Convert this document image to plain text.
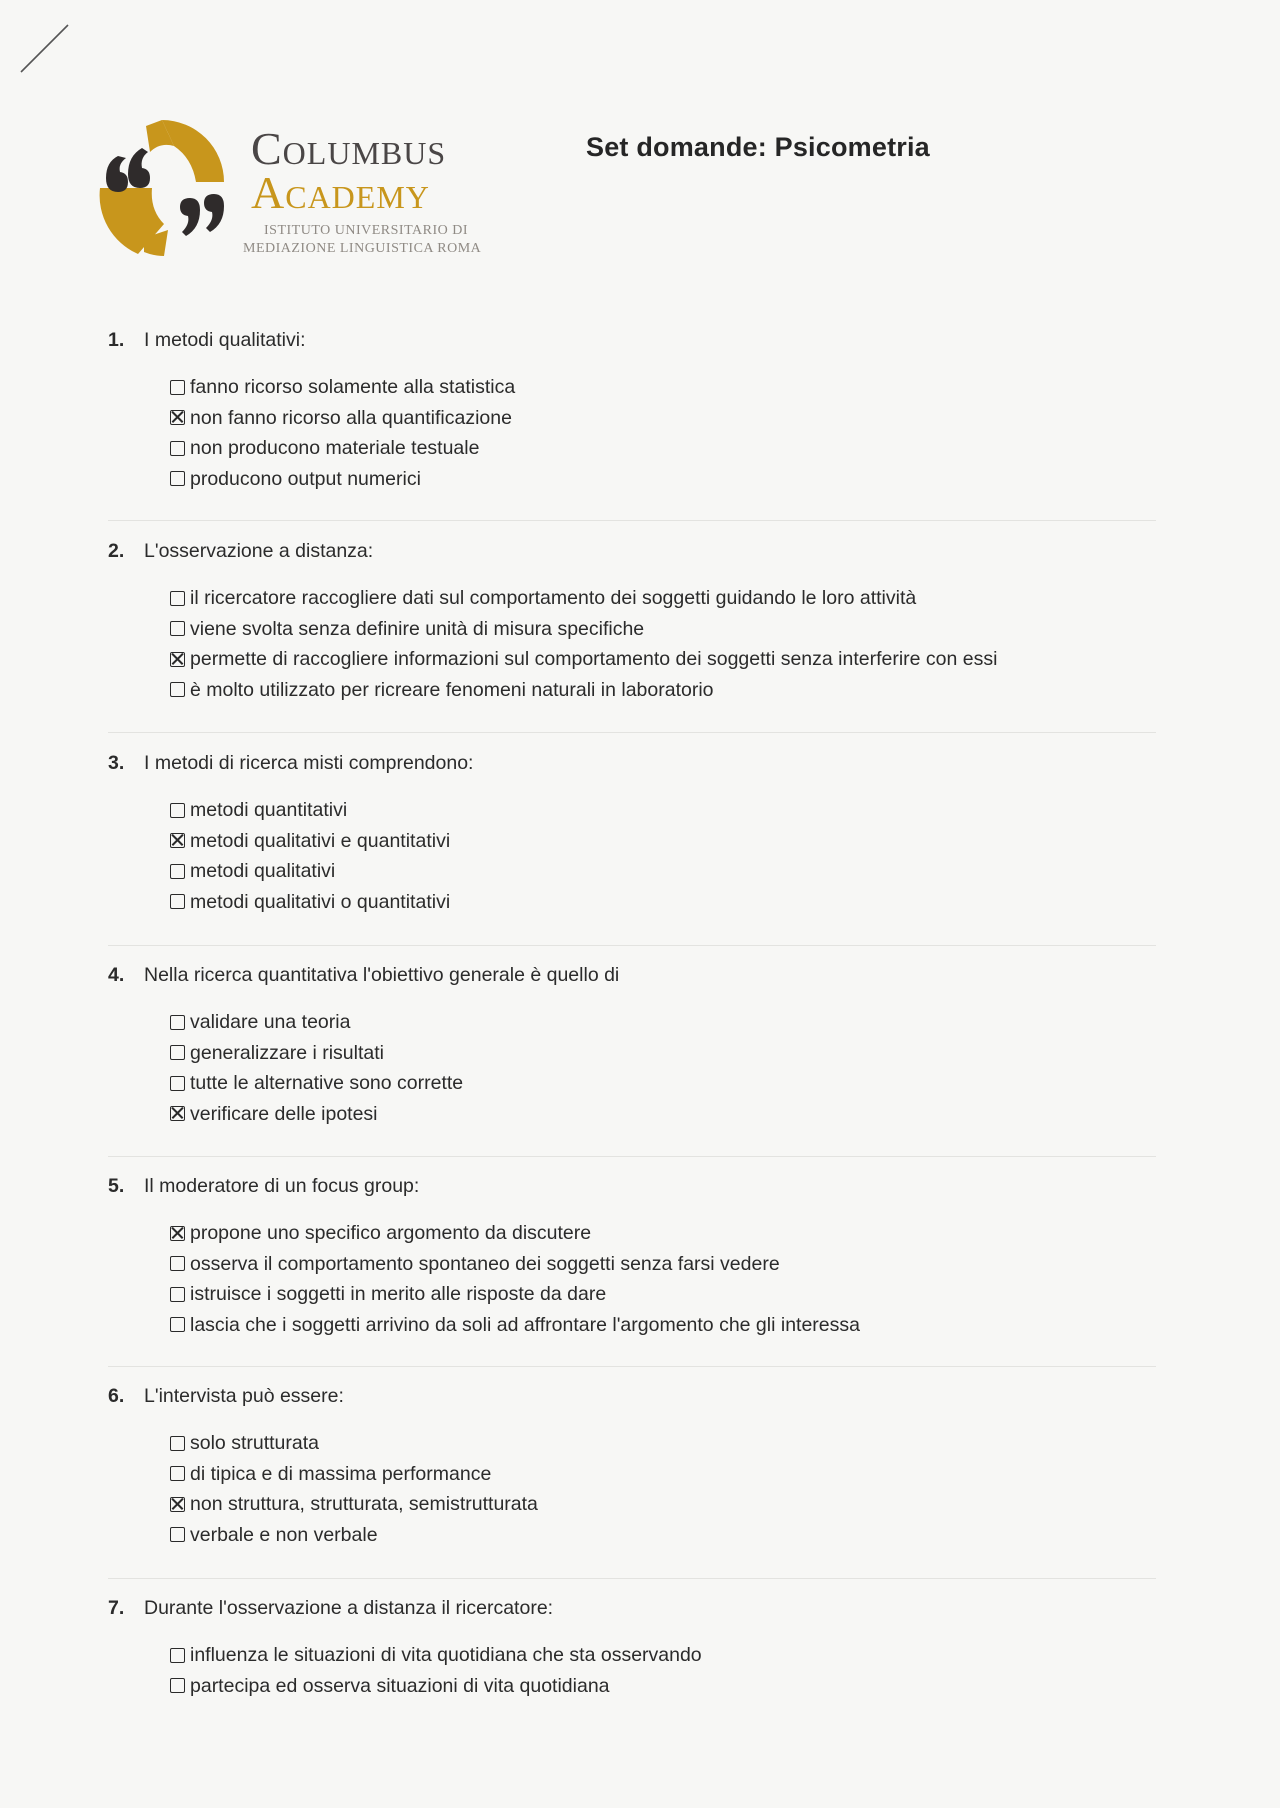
Columbus
Academy
ISTITUTO UNIVERSITARIO DI
MEDIAZIONE LINGUISTICA ROMA
Set domande: Psicometria
1. I metodi qualitativi:
fanno ricorso solamente alla statistica
non fanno ricorso alla quantificazione
non producono materiale testuale
producono output numerici
2. L'osservazione a distanza:
il ricercatore raccogliere dati sul comportamento dei soggetti guidando le loro attività
viene svolta senza definire unità di misura specifiche
permette di raccogliere informazioni sul comportamento dei soggetti senza interferire con essi
è molto utilizzato per ricreare fenomeni naturali in laboratorio
3. I metodi di ricerca misti comprendono:
metodi quantitativi
metodi qualitativi e quantitativi
metodi qualitativi
metodi qualitativi o quantitativi
4. Nella ricerca quantitativa l'obiettivo generale è quello di
validare una teoria
generalizzare i risultati
tutte le alternative sono corrette
verificare delle ipotesi
5. Il moderatore di un focus group:
propone uno specifico argomento da discutere
osserva il comportamento spontaneo dei soggetti senza farsi vedere
istruisce i soggetti in merito alle risposte da dare
lascia che i soggetti arrivino da soli ad affrontare l'argomento che gli interessa
6. L'intervista può essere:
solo strutturata
di tipica e di massima performance
non struttura, strutturata, semistrutturata
verbale e non verbale
7. Durante l'osservazione a distanza il ricercatore:
influenza le situazioni di vita quotidiana che sta osservando
partecipa ed osserva situazioni di vita quotidiana
